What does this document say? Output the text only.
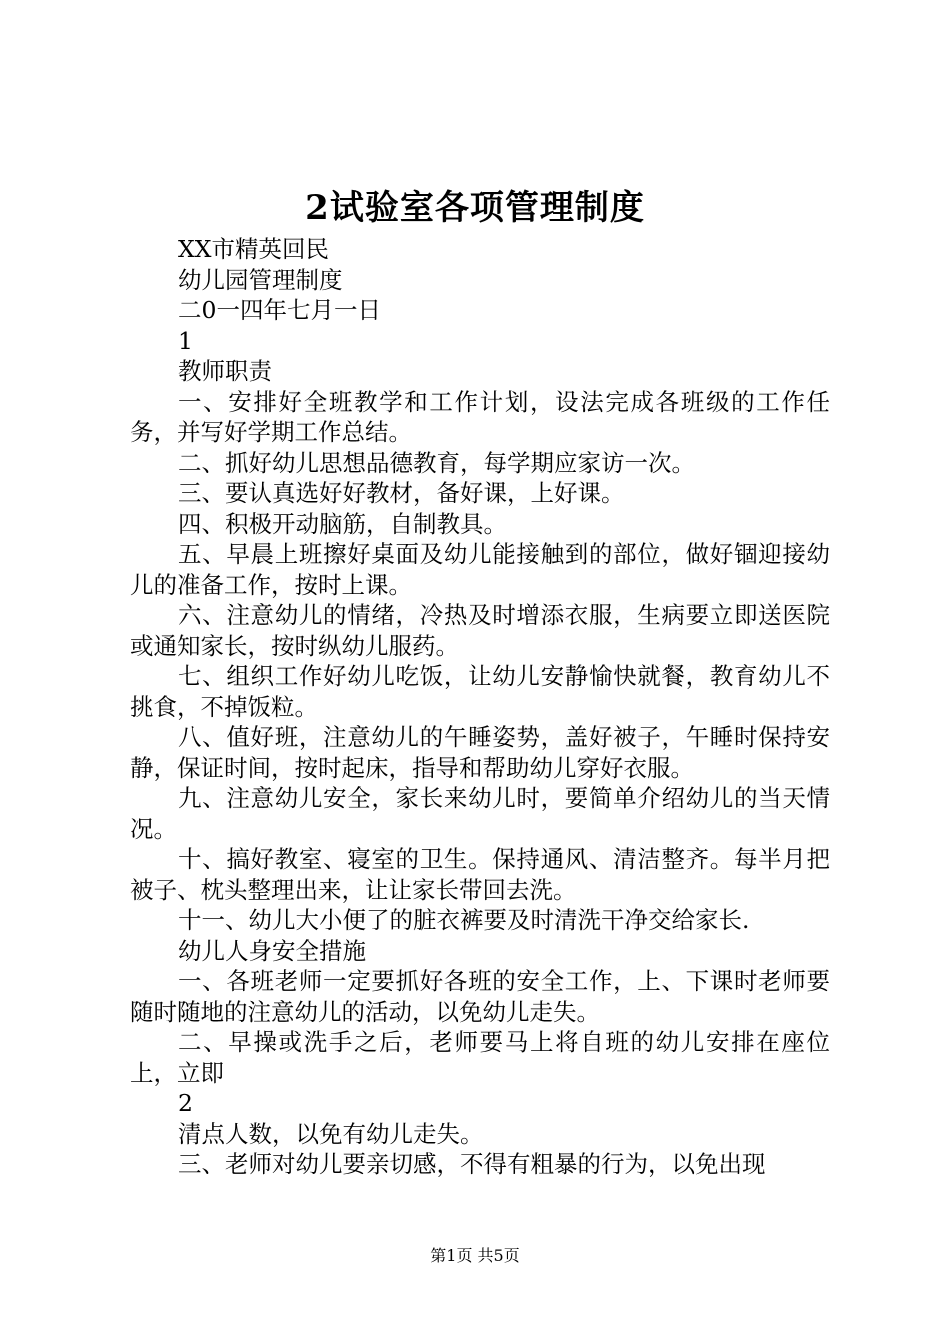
2试验室各项管理制度
XX市精英回民
幼儿园管理制度
二0一四年七月一日
1
教师职责
一、安排好全班教学和工作计划，设法完成各班级的工作任务，并写好学期工作总结。
二、抓好幼儿思想品德教育，每学期应家访一次。
三、要认真选好好教材，备好课，上好课。
四、积极开动脑筋，自制教具。
五、早晨上班擦好桌面及幼儿能接触到的部位，做好锢迎接幼儿的准备工作，按时上课。
六、注意幼儿的情绪，冷热及时增添衣服，生病要立即送医院或通知家长，按时纵幼儿服药。
七、组织工作好幼儿吃饭，让幼儿安静愉快就餐，教育幼儿不挑食，不掉饭粒。
八、值好班，注意幼儿的午睡姿势，盖好被子，午睡时保持安静，保证时间，按时起床，指导和帮助幼儿穿好衣服。
九、注意幼儿安全，家长来幼儿时，要简单介绍幼儿的当天情况。
十、搞好教室、寝室的卫生。保持通风、清洁整齐。每半月把被子、枕头整理出来，让让家长带回去洗。
十一、幼儿大小便了的脏衣裤要及时清洗干净交给家长.
幼儿人身安全措施
一、各班老师一定要抓好各班的安全工作，上、下课时老师要随时随地的注意幼儿的活动，以免幼儿走失。
二、早操或洗手之后，老师要马上将自班的幼儿安排在座位上，立即
2
清点人数，以免有幼儿走失。
三、老师对幼儿要亲切感，不得有粗暴的行为，以免出现
第1页 共5页
